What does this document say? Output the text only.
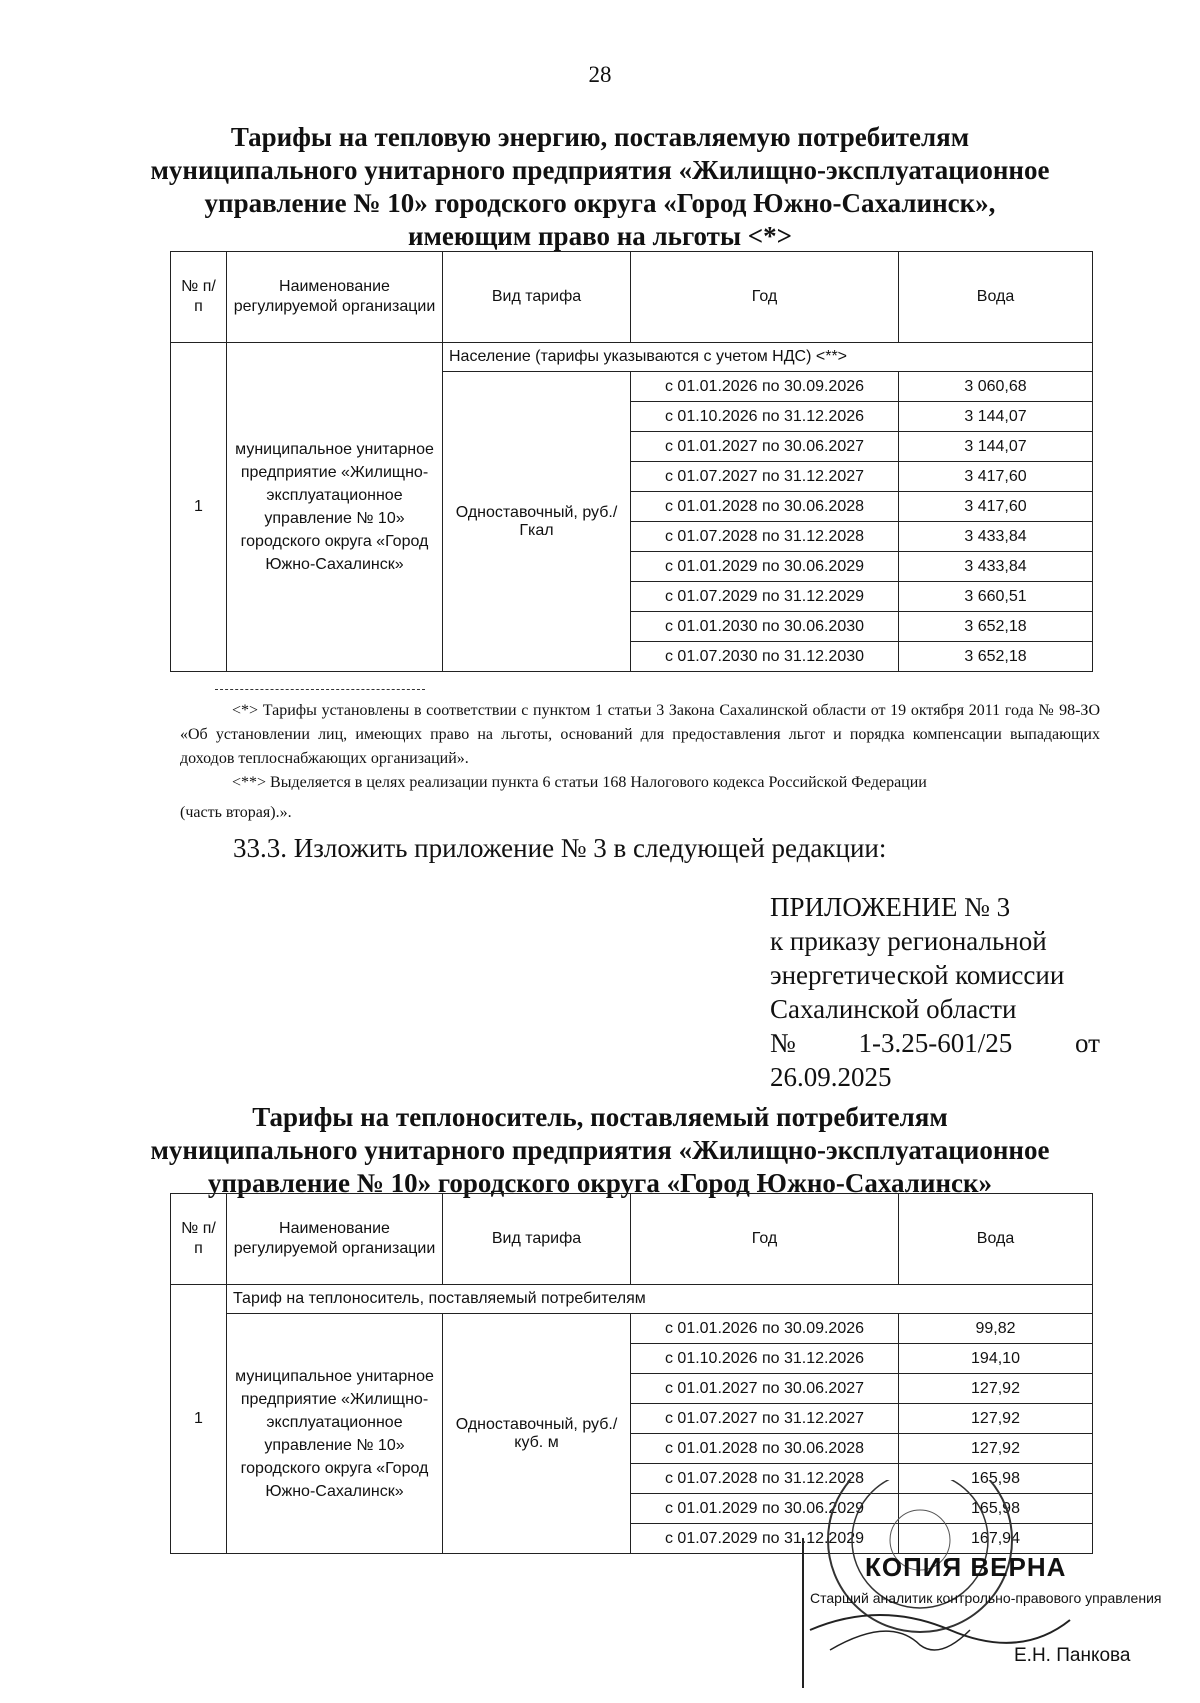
28
Тарифы на тепловую энергию, поставляемую потребителям
муниципального унитарного предприятия «Жилищно-эксплуатационное
управление № 10» городского округа «Город Южно-Сахалинск»,
имеющим право на льготы <*>
№ п/п	Наименование регулируемой организации	Вид тарифа	Год	Вода
1	муниципальное унитарное предприятие «Жилищно-эксплуатационное управление № 10» городского округа «Город Южно-Сахалинск»	Население (тарифы указываются с учетом НДС) <**>		
		Одноставочный, руб./Гкал	с 01.01.2026 по 30.09.2026	3 060,68
			с 01.10.2026 по 31.12.2026	3 144,07
			с 01.01.2027 по 30.06.2027	3 144,07
			с 01.07.2027 по 31.12.2027	3 417,60
			с 01.01.2028 по 30.06.2028	3 417,60
			с 01.07.2028 по 31.12.2028	3 433,84
			с 01.01.2029 по 30.06.2029	3 433,84
			с 01.07.2029 по 31.12.2029	3 660,51
			с 01.01.2030 по 30.06.2030	3 652,18
			с 01.07.2030 по 31.12.2030	3 652,18

<*> Тарифы установлены в соответствии с пунктом 1 статьи 3 Закона Сахалинской области от 19 октября 2011 года № 98-ЗО «Об установлении лиц, имеющих право на льготы, оснований для предоставления льгот и порядка компенсации выпадающих доходов теплоснабжающих организаций».

<**> Выделяется в целях реализации пункта 6 статьи 168 Налогового кодекса Российской Федерации

(часть вторая).».

33.3. Изложить приложение № 3 в следующей редакции:
ПРИЛОЖЕНИЕ № 3
к приказу региональной
энергетической комиссии
Сахалинской области
№ 1-3.25-601/25 от
26.09.2025
Тарифы на теплоноситель, поставляемый потребителям
муниципального унитарного предприятия «Жилищно-эксплуатационное
управление № 10» городского округа «Город Южно-Сахалинск»
№ п/п	Наименование регулируемой организации	Вид тарифа	Год	Вода
1	Тариф на теплоноситель, поставляемый потребителям			
	муниципальное унитарное предприятие «Жилищно-эксплуатационное управление № 10» городского округа «Город Южно-Сахалинск»	Одноставочный, руб./куб. м	с 01.01.2026 по 30.09.2026	99,82
			с 01.10.2026 по 31.12.2026	194,10
			с 01.01.2027 по 30.06.2027	127,92
			с 01.07.2027 по 31.12.2027	127,92
			с 01.01.2028 по 30.06.2028	127,92
			с 01.07.2028 по 31.12.2028	165,98
			с 01.01.2029 по 30.06.2029	165,98
			с 01.07.2029 по 31.12.2029	167,94
КОПИЯ ВЕРНА
Старший аналитик контрольно-правового управления
Е.Н. Панкова
